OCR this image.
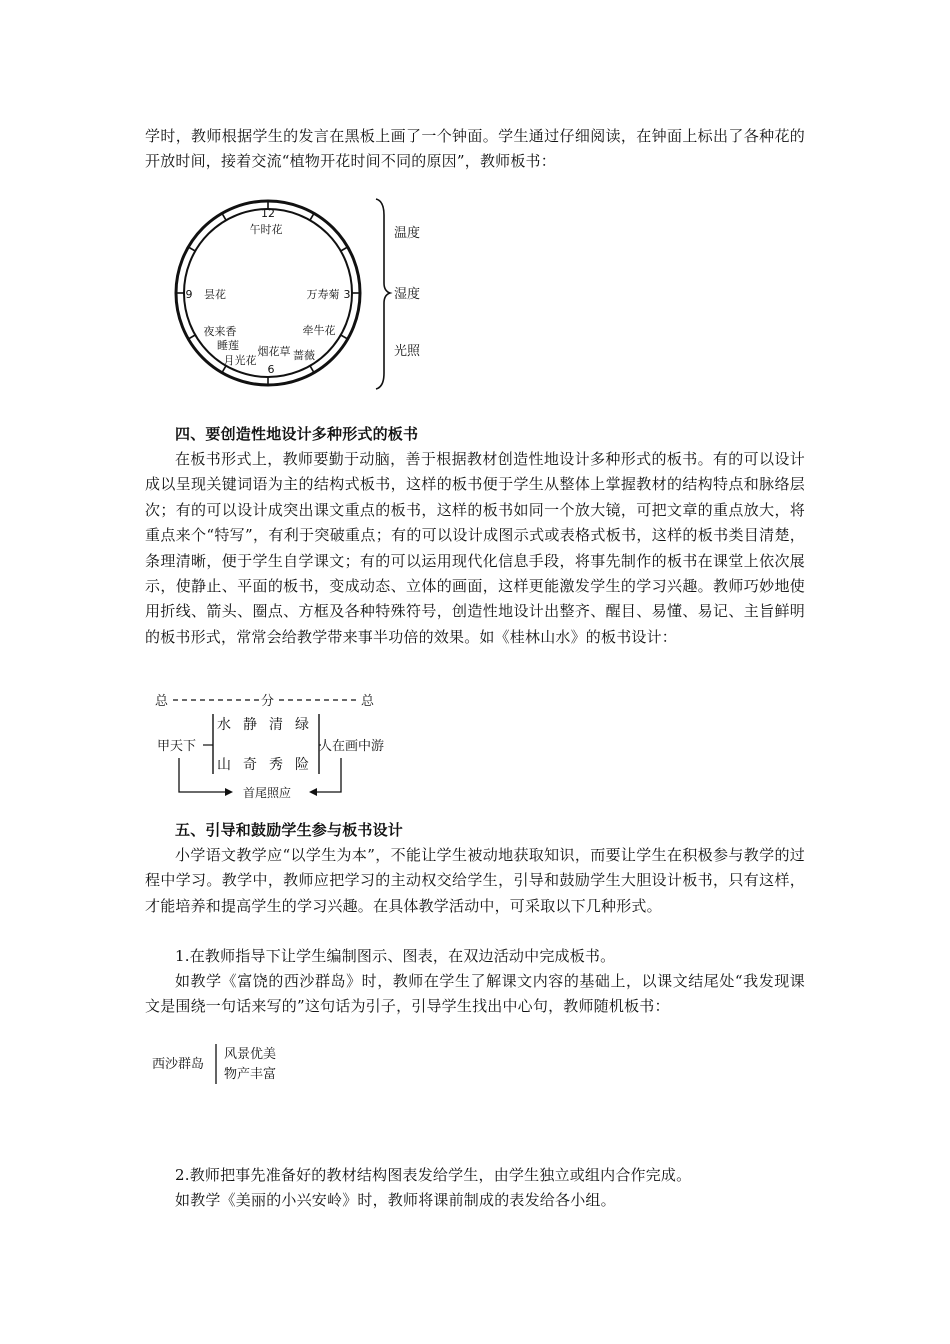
学时，教师根据学生的发言在黑板上画了一个钟面。学生通过仔细阅读，在钟面上标出了各种花的开放时间，接着交流“植物开花时间不同的原因”，教师板书：

12
3
6
9
午时花
昙花	万寿菊
牵牛花
夜来香
睡莲
月光花
烟花草 蔷薇
温度
湿度
光照

四、要创造性地设计多种形式的板书

在板书形式上，教师要勤于动脑，善于根据教材创造性地设计多种形式的板书。有的可以设计成以呈现关键词语为主的结构式板书，这样的板书便于学生从整体上掌握教材的结构特点和脉络层次；有的可以设计成突出课文重点的板书，这样的板书如同一个放大镜，可把文章的重点放大，将重点来个“特写”，有利于突破重点；有的可以设计成图示式或表格式板书，这样的板书类目清楚，条理清晰，便于学生自学课文；有的可以运用现代化信息手段，将事先制作的板书在课堂上依次展示，使静止、平面的板书，变成动态、立体的画面，这样更能激发学生的学习兴趣。教师巧妙地使用折线、箭头、圈点、方框及各种特殊符号，创造性地设计出整齐、醒目、易懂、易记、主旨鲜明的板书形式，常常会给教学带来事半功倍的效果。如《桂林山水》的板书设计：

总	分	总
甲天下	人在画中游
水 静 清 绿
山 奇 秀 险
首尾照应

五、引导和鼓励学生参与板书设计

小学语文教学应“以学生为本”，不能让学生被动地获取知识，而要让学生在积极参与教学的过程中学习。教学中，教师应把学习的主动权交给学生，引导和鼓励学生大胆设计板书，只有这样，才能培养和提高学生的学习兴趣。在具体教学活动中，可采取以下几种形式。

1.在教师指导下让学生编制图示、图表，在双边活动中完成板书。

如教学《富饶的西沙群岛》时，教师在学生了解课文内容的基础上，以课文结尾处“我发现课文是围绕一句话来写的”这句话为引子，引导学生找出中心句，教师随机板书：

西沙群岛
风景优美
物产丰富

2.教师把事先准备好的教材结构图表发给学生，由学生独立或组内合作完成。

如教学《美丽的小兴安岭》时，教师将课前制成的表发给各小组。
